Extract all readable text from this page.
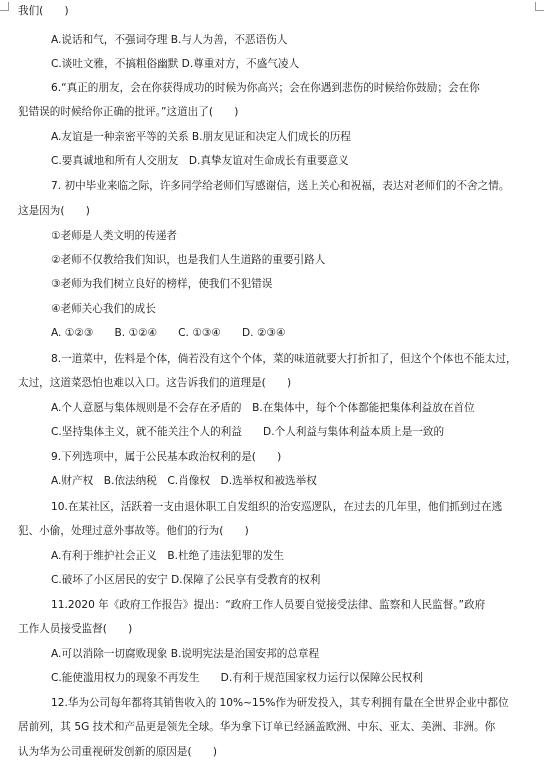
我们(　　)
A.说话和气，不强词夺理 B.与人为善，不恶语伤人
C.谈吐文雅，不搞粗俗幽默 D.尊重对方，不盛气凌人
6.“真正的朋友，会在你获得成功的时候为你高兴；会在你遇到悲伤的时候给你鼓励；会在你
犯错误的时候给你正确的批评。”这道出了(　　)
A.友谊是一种亲密平等的关系 B.朋友见证和决定人们成长的历程
C.要真诚地和所有人交朋友　D.真挚友谊对生命成长有重要意义
7. 初中毕业来临之际，许多同学给老师们写感谢信，送上关心和祝福，表达对老师们的不舍之情。
这是因为(　　)
①老师是人类文明的传递者
②老师不仅教给我们知识，也是我们人生道路的重要引路人
③老师为我们树立良好的榜样，使我们不犯错误
④老师关心我们的成长
A. ①②③　　B. ①②④　　C. ①③④　　D. ②③④
8.一道菜中，佐料是个体，倘若没有这个个体，菜的味道就要大打折扣了，但这个个体也不能太过，
太过，这道菜恐怕也难以入口。这告诉我们的道理是(　　)
A.个人意愿与集体规则是不会存在矛盾的　B.在集体中，每个个体都能把集体利益放在首位
C.坚持集体主义，就不能关注个人的利益　　D.个人利益与集体利益本质上是一致的
9.下列选项中，属于公民基本政治权利的是(　　)
A.财产权　B.依法纳税　C.肖像权　D.选举权和被选举权
10.在某社区，活跃着一支由退休职工自发组织的治安巡逻队，在过去的几年里，他们抓到过在逃
犯、小偷，处理过意外事故等。他们的行为(　　)
A.有利于维护社会正义　B.杜绝了违法犯罪的发生
C.破坏了小区居民的安宁 D.保障了公民享有受教育的权利
11.2020 年《政府工作报告》提出：“政府工作人员要自觉接受法律、监察和人民监督。”政府
工作人员接受监督(　　)
A.可以消除一切腐败现象 B.说明宪法是治国安邦的总章程
C.能使滥用权力的现象不再发生　　D.有利于规范国家权力运行以保障公民权利
12.华为公司每年都将其销售收入的 10%~15%作为研发投入，其专利拥有量在全世界企业中都位
居前列，其 5G 技术和产品更是领先全球。华为拿下订单已经涵盖欧洲、中东、亚太、美洲、非洲。你
认为华为公司重视研发创新的原因是(　　)
